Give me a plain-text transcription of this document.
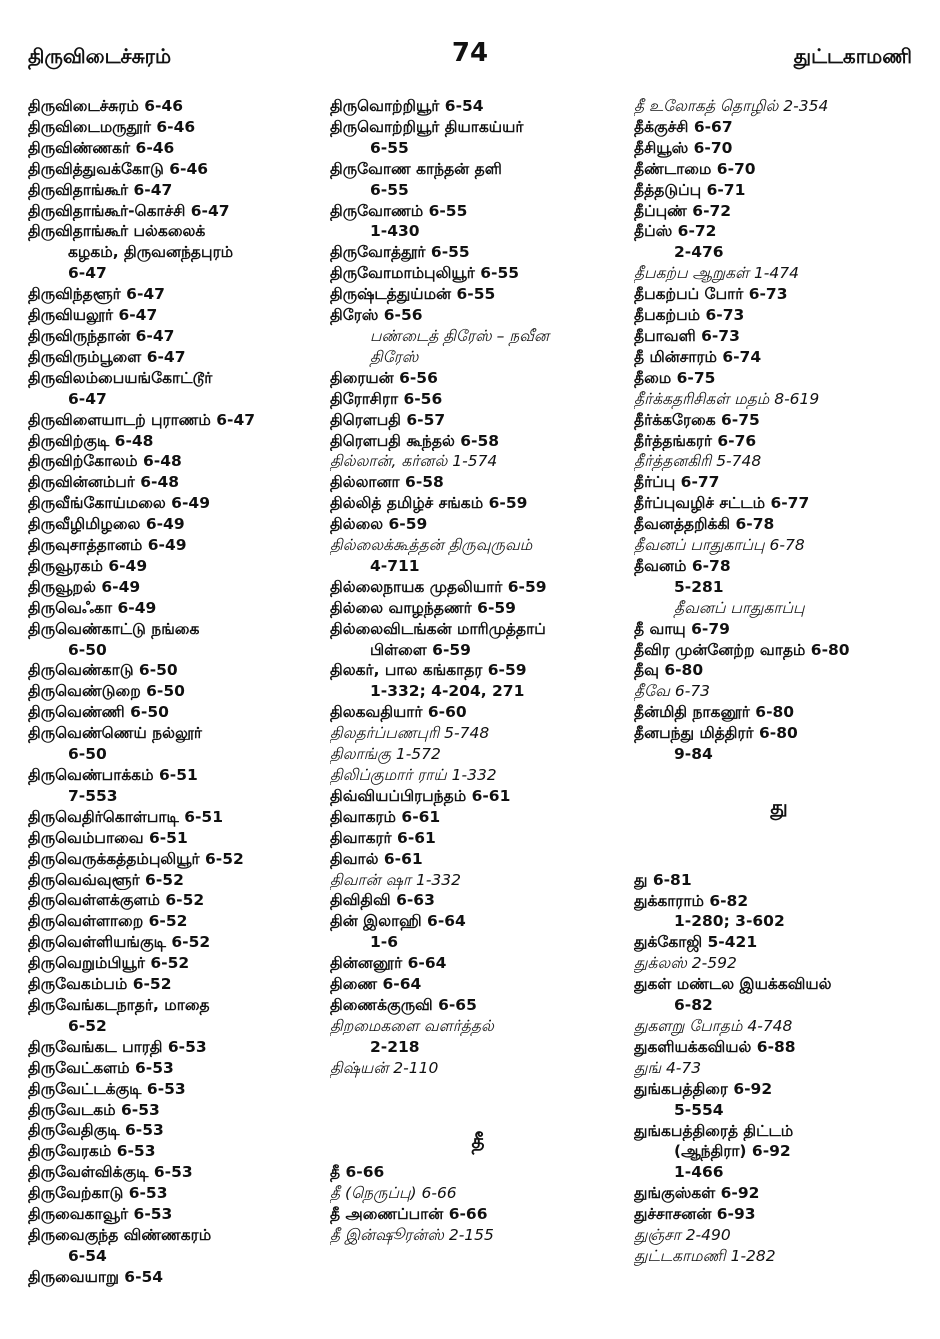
திருவிடைச்சுரம்	74	துட்டகாமணி
திருவிடைச்சுரம் 6-46
திருவிடைமருதூர் 6-46
திருவிண்ணகர் 6-46
திருவித்துவக்கோடு 6-46
திருவிதாங்கூர் 6-47
திருவிதாங்கூர்-கொச்சி 6-47
திருவிதாங்கூர் பல்கலைக்
கழகம், திருவனந்தபுரம்
6-47
திருவிந்தளூர் 6-47
திருவியலூர் 6-47
திருவிருந்தான் 6-47
திருவிரும்பூளை 6-47
திருவிலம்பையங்கோட்டூர்
6-47
திருவிளையாடற் புராணம் 6-47
திருவிற்குடி 6-48
திருவிற்கோலம் 6-48
திருவின்னம்பர் 6-48
திருவீங்கோய்மலை 6-49
திருவீழிமிழலை 6-49
திருவுசாத்தானம் 6-49
திருவூரகம் 6-49
திருவூறல் 6-49
திருவெஃகா 6-49
திருவெண்காட்டு நங்கை
6-50
திருவெண்காடு 6-50
திருவெண்டுறை 6-50
திருவெண்ணி 6-50
திருவெண்ணெய் நல்லூர்
6-50
திருவெண்பாக்கம் 6-51
7-553
திருவெதிர்கொள்பாடி 6-51
திருவெம்பாவை 6-51
திருவெருக்கத்தம்புலியூர் 6-52
திருவெவ்வுளூர் 6-52
திருவெள்ளக்குளம் 6-52
திருவெள்ளாறை 6-52
திருவெள்ளியங்குடி 6-52
திருவெறும்பியூர் 6-52
திருவேகம்பம் 6-52
திருவேங்கடநாதர், மாதை
6-52
திருவேங்கட பாரதி 6-53
திருவேட்களம் 6-53
திருவேட்டக்குடி 6-53
திருவேடகம் 6-53
திருவேதிகுடி 6-53
திருவேரகம் 6-53
திருவேள்விக்குடி 6-53
திருவேற்காடு 6-53
திருவைகாவூர் 6-53
திருவைகுந்த விண்ணகரம்
6-54
திருவையாறு 6-54
திருவொற்றியூர் 6-54
திருவொற்றியூர் தியாகய்யர்
6-55
திருவோண காந்தன் தளி
6-55
திருவோணம் 6-55
1-430
திருவோத்தூர் 6-55
திருவோமாம்புலியூர் 6-55
திருஷ்டத்துய்மன் 6-55
திரேஸ் 6-56
பண்டைத் திரேஸ் – நவீன
திரேஸ்
திரையன் 6-56
திரோசிரா 6-56
திரௌபதி 6-57
திரௌபதி கூந்தல் 6-58
தில்லான், கர்னல் 1-574
தில்லானா 6-58
தில்லித் தமிழ்ச் சங்கம் 6-59
தில்லை 6-59
தில்லைக்கூத்தன் திருவுருவம்
4-711
தில்லைநாயக முதலியார் 6-59
தில்லை வாழந்தணர் 6-59
தில்லைவிடங்கன் மாரிமுத்தாப்
பிள்ளை 6-59
திலகர், பால கங்காதர 6-59
1-332; 4-204, 271
திலகவதியார் 6-60
திலதர்ப்பணபுரி 5-748
திலாங்கு 1-572
திலிப்குமார் ராய் 1-332
திவ்வியப்பிரபந்தம் 6-61
திவாகரம் 6-61
திவாகரர் 6-61
திவால் 6-61
திவான் ஷா 1-332
திவிதிவி 6-63
தின் இலாஹி 6-64
1-6
தின்னனூர் 6-64
திணை 6-64
திணைக்குருவி 6-65
திறமைகளை வளர்த்தல்
2-218
திஷ்யன் 2-110
தீ
தீ 6-66
தீ (நெருப்பு) 6-66
தீ அணைப்பான் 6-66
தீ இன்ஷூரன்ஸ் 2-155
தீ உலோகத் தொழில் 2-354
தீக்குச்சி 6-67
தீசியூஸ் 6-70
தீண்டாமை 6-70
தீத்தடுப்பு 6-71
தீப்புண் 6-72
தீப்ஸ் 6-72
2-476
தீபகற்ப ஆறுகள் 1-474
தீபகற்பப் போர் 6-73
தீபகற்பம் 6-73
தீபாவளி 6-73
தீ மின்சாரம் 6-74
தீமை 6-75
தீர்க்கதரிசிகள் மதம் 8-619
தீர்க்கரேகை 6-75
தீர்த்தங்கரர் 6-76
தீர்த்தனகிரி 5-748
தீர்ப்பு 6-77
தீர்ப்புவழிச் சட்டம் 6-77
தீவனத்தறிக்கி 6-78
தீவனப் பாதுகாப்பு 6-78
தீவனம் 6-78
5-281
தீவனப் பாதுகாப்பு
தீ வாயு 6-79
தீவிர முன்னேற்ற வாதம் 6-80
தீவு 6-80
தீவே 6-73
தீன்மிதி நாகனூர் 6-80
தீனபந்து மித்திரர் 6-80
9-84
து
து 6-81
துக்காராம் 6-82
1-280; 3-602
துக்கோஜி 5-421
துக்லஸ் 2-592
துகள் மண்டல இயக்கவியல்
6-82
துகளறு போதம் 4-748
துகளியக்கவியல் 6-88
துங் 4-73
துங்கபத்திரை 6-92
5-554
துங்கபத்திரைத் திட்டம்
(ஆந்திரா) 6-92
1-466
துங்குஸ்கள் 6-92
துச்சாசனன் 6-93
துஞ்சா 2-490
துட்டகாமணி 1-282
